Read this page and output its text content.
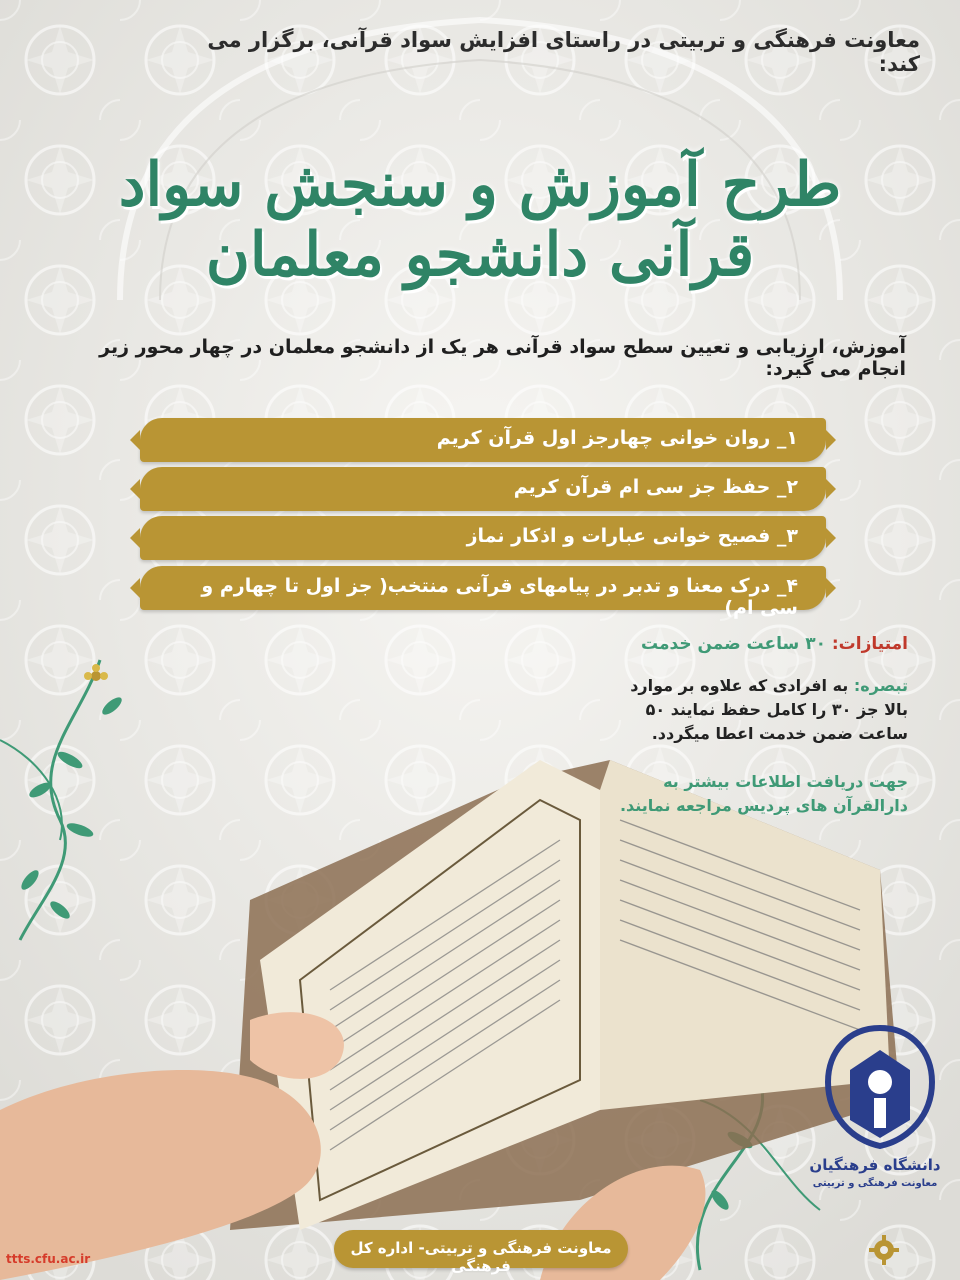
معاونت فرهنگی و تربیتی در راستای افزایش سواد قرآنی، برگزار می کند:
طرح آموزش و سنجش سواد قرآنی دانشجو معلمان
آموزش، ارزیابی و تعیین سطح سواد قرآنی هر یک از دانشجو معلمان در چهار محور زیر انجام می گیرد:
۱_ روان خوانی چهارجز اول قرآن کریم
۲_ حفظ جز سی ام قرآن کریم
۳_ فصیح خوانی عبارات و اذکار نماز
۴_ درک معنا و تدبر در پیامهای قرآنی منتخب( جز اول تا چهارم و سی ام)
امتیازات: ۳۰ ساعت ضمن خدمت
تبصره: به افرادی که علاوه بر موارد
بالا جز ۳۰ را کامل حفظ نمایند ۵۰
ساعت ضمن خدمت اعطا میگردد.
جهت دریافت اطلاعات بیشتر به
دارالقرآن های پردیس مراجعه نمایند.
دانشگاه فرهنگیان
معاونت فرهنگی و تربیتی
معاونت فرهنگی و تربیتی- اداره کل فرهنگی
ttts.cfu.ac.ir
